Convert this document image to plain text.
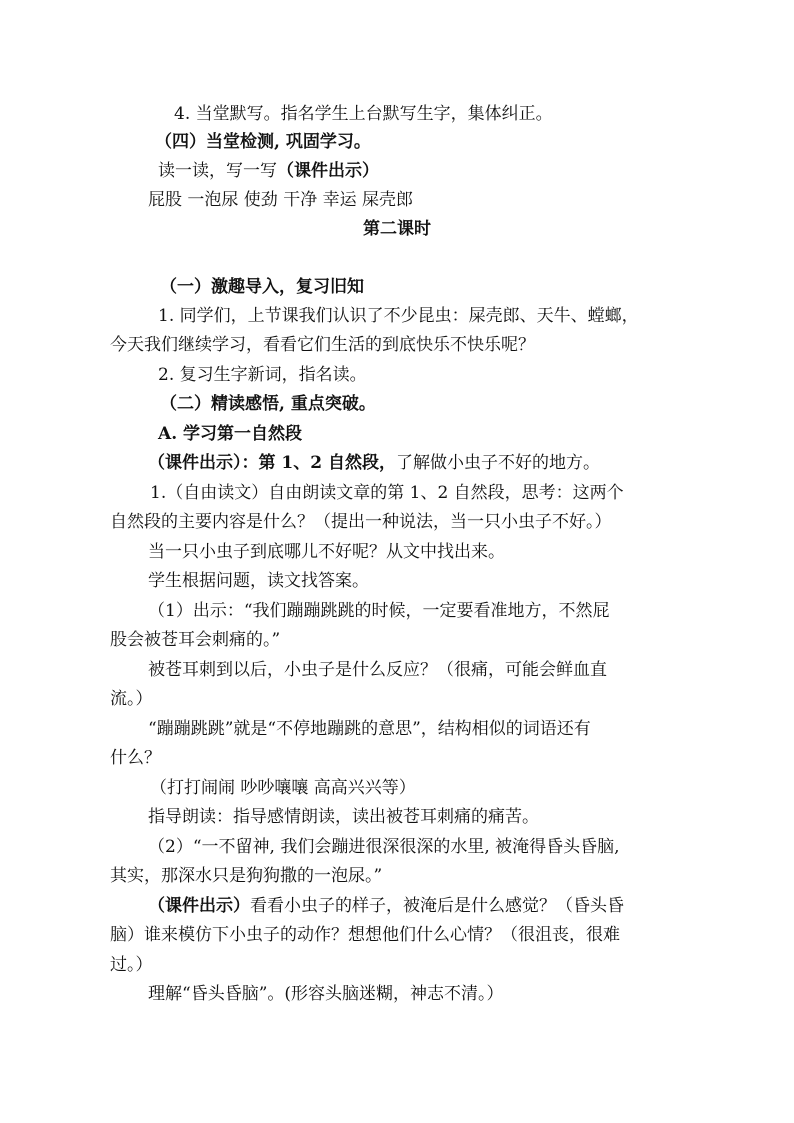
4. 当堂默写。指名学生上台默写生字，集体纠正。
（四）当堂检测, 巩固学习。
读一读，写一写（课件出示）
屁股 一泡尿 使劲 干净 幸运 屎壳郎
第二课时
（一）激趣导入，复习旧知
1. 同学们，上节课我们认识了不少昆虫：屎壳郎、天牛、螳螂，
今天我们继续学习，看看它们生活的到底快乐不快乐呢？
2. 复习生字新词，指名读。
（二）精读感悟, 重点突破。
A. 学习第一自然段
（课件出示）：第 1、2 自然段，了解做小虫子不好的地方。
1.（自由读文）自由朗读文章的第 1、2 自然段，思考：这两个
自然段的主要内容是什么？（提出一种说法，当一只小虫子不好。）
当一只小虫子到底哪儿不好呢？从文中找出来。
学生根据问题，读文找答案。
（1）出示：“我们蹦蹦跳跳的时候，一定要看准地方，不然屁
股会被苍耳会刺痛的。”
被苍耳刺到以后，小虫子是什么反应？（很痛，可能会鲜血直
流。）
“蹦蹦跳跳”就是“不停地蹦跳的意思”，结构相似的词语还有
什么？
（打打闹闹 吵吵嚷嚷 高高兴兴等）
指导朗读：指导感情朗读，读出被苍耳刺痛的痛苦。
（2）“一不留神, 我们会蹦进很深很深的水里, 被淹得昏头昏脑,
其实，那深水只是狗狗撒的一泡尿。”
（课件出示）看看小虫子的样子，被淹后是什么感觉？（昏头昏
脑）谁来模仿下小虫子的动作？想想他们什么心情？（很沮丧，很难
过。）
理解“昏头昏脑”。(形容头脑迷糊，神志不清。）
